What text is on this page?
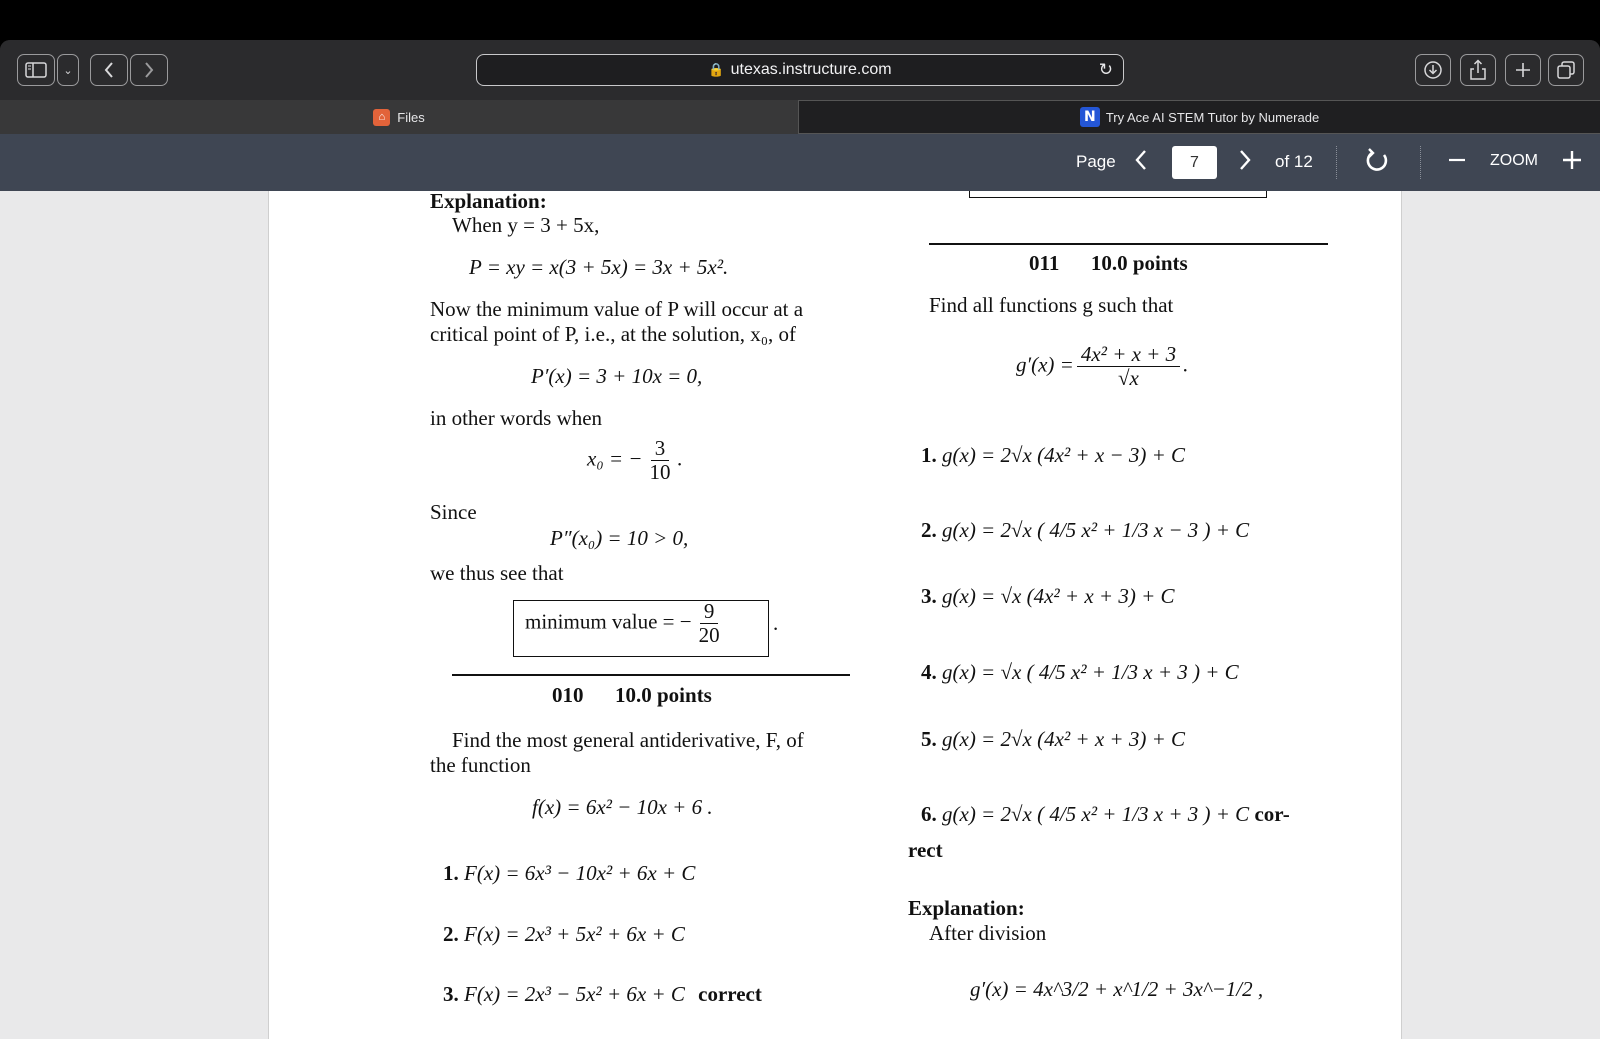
⌄	🔒 utexas.instructure.com	↻
⌂ Files	N Try Ace AI STEM Tutor by Numerade
Page	7	of 12	ZOOM
Explanation:
When y = 3 + 5x,
P = xy = x(3 + 5x) = 3x + 5x².
Now the minimum value of P will occur at a
critical point of P, i.e., at the solution, x₀, of
P′(x) = 3 + 10x = 0,
in other words when
x₀ = − $\frac{3}{10}$ .
Since
P″(x₀) = 10 > 0,
we thus see that
minimum value = − $\frac{9}{20}$ .
010      10.0 points
Find the most general antiderivative, F, of
the function
f(x) = 6x² − 10x + 6 .
1. F(x) = 6x³ − 10x² + 6x + C
2. F(x) = 2x³ + 5x² + 6x + C
3. F(x) = 2x³ − 5x² + 6x + C correct
011      10.0 points
Find all functions g such that
$g'(x) = \frac{\text{4x² + x + 3}}{√x}$ .
1. g(x) = 2√x (4x² + x − 3) + C
2. g(x) = 2√x ( 4/5 x² + 1/3 x − 3 ) + C
3. g(x) = √x (4x² + x + 3) + C
4. g(x) = √x ( 4/5 x² + 1/3 x + 3 ) + C
5. g(x) = 2√x (4x² + x + 3) + C
6. g(x) = 2√x ( 4/5 x² + 1/3 x + 3 ) + C cor-
rect
Explanation:
After division
g′(x) = 4x^3/2 + x^1/2 + 3x^−1/2 ,
